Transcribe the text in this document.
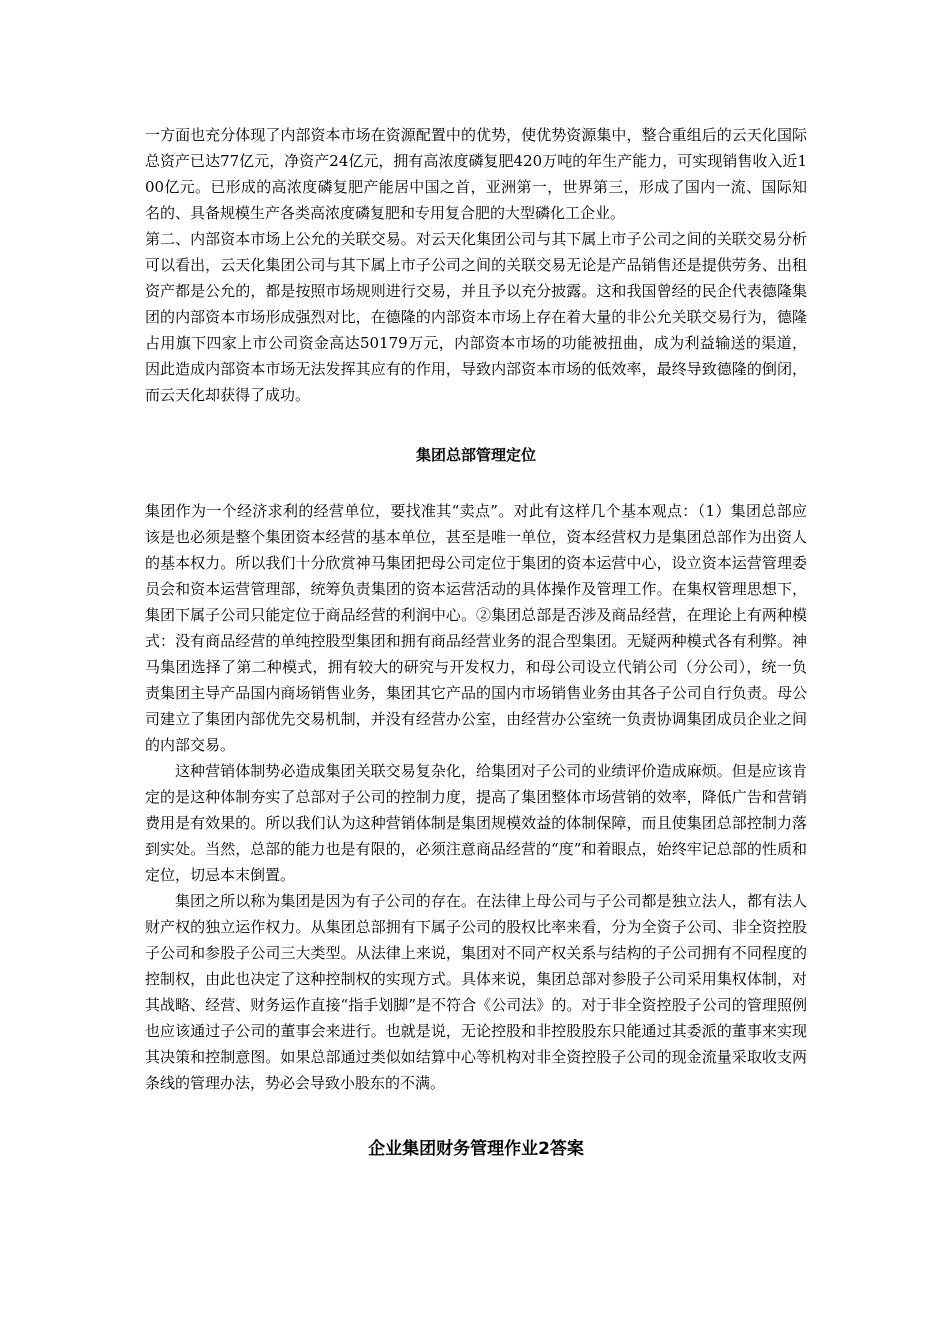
一方面也充分体现了内部资本市场在资源配置中的优势，使优势资源集中，整合重组后的云天化国际总资产已达77亿元，净资产24亿元，拥有高浓度磷复肥420万吨的年生产能力，可实现销售收入近100亿元。已形成的高浓度磷复肥产能居中国之首，亚洲第一，世界第三，形成了国内一流、国际知名的、具备规模生产各类高浓度磷复肥和专用复合肥的大型磷化工企业。

第二、内部资本市场上公允的关联交易。对云天化集团公司与其下属上市子公司之间的关联交易分析可以看出，云天化集团公司与其下属上市子公司之间的关联交易无论是产品销售还是提供劳务、出租资产都是公允的，都是按照市场规则进行交易，并且予以充分披露。这和我国曾经的民企代表德隆集团的内部资本市场形成强烈对比，在德隆的内部资本市场上存在着大量的非公允关联交易行为，德隆占用旗下四家上市公司资金高达50179万元，内部资本市场的功能被扭曲，成为利益输送的渠道，因此造成内部资本市场无法发挥其应有的作用，导致内部资本市场的低效率，最终导致德隆的倒闭，而云天化却获得了成功。

集团总部管理定位

集团作为一个经济求利的经营单位，要找准其“卖点”。对此有这样几个基本观点：（1）集团总部应该是也必须是整个集团资本经营的基本单位，甚至是唯一单位，资本经营权力是集团总部作为出资人的基本权力。所以我们十分欣赏神马集团把母公司定位于集团的资本运营中心，设立资本运营管理委员会和资本运营管理部，统筹负责集团的资本运营活动的具体操作及管理工作。在集权管理思想下，集团下属子公司只能定位于商品经营的利润中心。②集团总部是否涉及商品经营，在理论上有两种模式：没有商品经营的单纯控股型集团和拥有商品经营业务的混合型集团。无疑两种模式各有利弊。神马集团选择了第二种模式，拥有较大的研究与开发权力，和母公司设立代销公司（分公司），统一负责集团主导产品国内商场销售业务，集团其它产品的国内市场销售业务由其各子公司自行负责。母公司建立了集团内部优先交易机制，并没有经营办公室，由经营办公室统一负责协调集团成员企业之间的内部交易。

这种营销体制势必造成集团关联交易复杂化，给集团对子公司的业绩评价造成麻烦。但是应该肯定的是这种体制夯实了总部对子公司的控制力度，提高了集团整体市场营销的效率，降低广告和营销费用是有效果的。所以我们认为这种营销体制是集团规模效益的体制保障，而且使集团总部控制力落到实处。当然，总部的能力也是有限的，必须注意商品经营的“度”和着眼点，始终牢记总部的性质和定位，切忌本末倒置。

集团之所以称为集团是因为有子公司的存在。在法律上母公司与子公司都是独立法人，都有法人财产权的独立运作权力。从集团总部拥有下属子公司的股权比率来看，分为全资子公司、非全资控股子公司和参股子公司三大类型。从法律上来说，集团对不同产权关系与结构的子公司拥有不同程度的控制权，由此也决定了这种控制权的实现方式。具体来说，集团总部对参股子公司采用集权体制，对其战略、经营、财务运作直接“指手划脚”是不符合《公司法》的。对于非全资控股子公司的管理照例也应该通过子公司的董事会来进行。也就是说，无论控股和非控股股东只能通过其委派的董事来实现其决策和控制意图。如果总部通过类似如结算中心等机构对非全资控股子公司的现金流量采取收支两条线的管理办法，势必会导致小股东的不满。

企业集团财务管理作业2答案
